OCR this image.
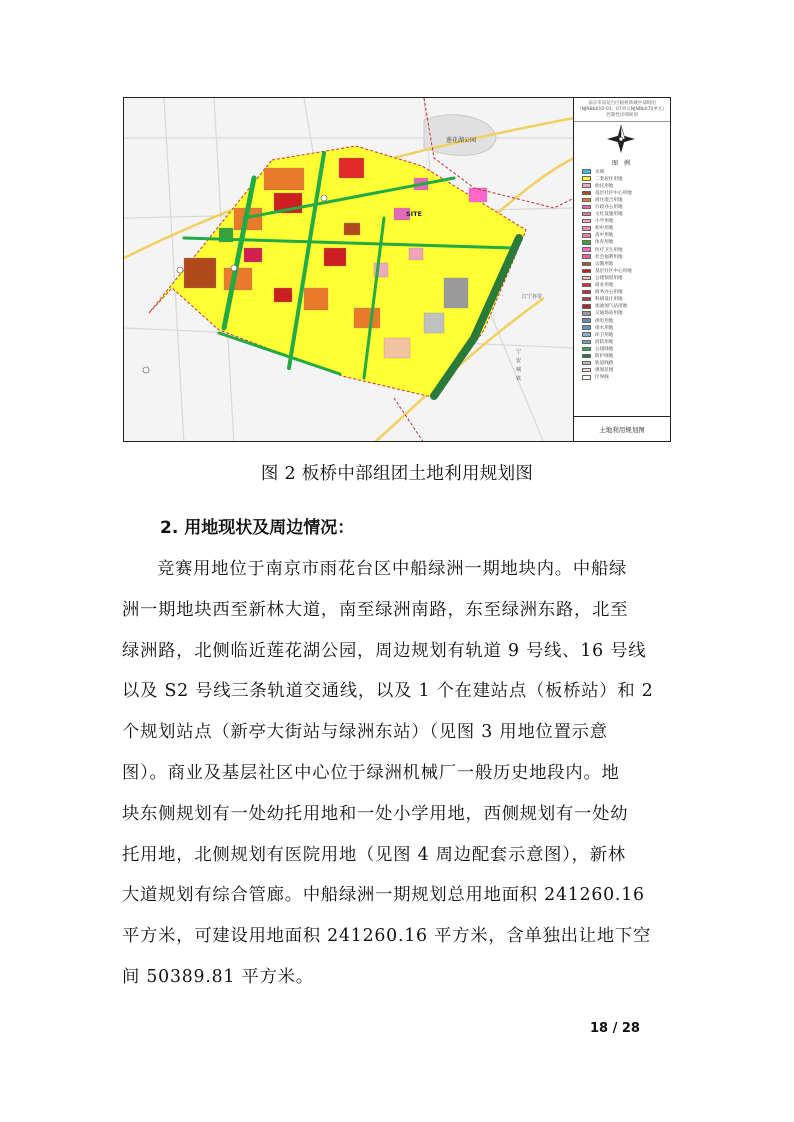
莲花湖公园
SITE
江宁谷里
宁安城铁
南京市雨花台区板桥新城中部组团（NJNBb010-01、07单元NJNBb070单元）控制性详细规划
图 例
水域
二类居住用地
幼托用地
基层社区中心用地
商住混合用地
行政办公用地
文化设施用地
小学用地
初中用地
高中用地
体育用地
医疗卫生用地
社会福利用地
宗教用地
基层社区中心用地
公建预留用地
商业用地
商务办公用地
科研设计用地
加油加气站用地
交通场站用地
供电用地
排水用地
环卫用地
消防用地
公园绿地
防护绿地
轨道线路
规划范围
区界线
土地利用规划图
图 2 板桥中部组团土地利用规划图
2. 用地现状及周边情况：
竞赛用地位于南京市雨花台区中船绿洲一期地块内。中船绿
洲一期地块西至新林大道，南至绿洲南路，东至绿洲东路，北至
绿洲路，北侧临近莲花湖公园，周边规划有轨道 9 号线、16 号线
以及 S2 号线三条轨道交通线，以及 1 个在建站点（板桥站）和 2
个规划站点（新亭大街站与绿洲东站）（见图 3 用地位置示意
图）。商业及基层社区中心位于绿洲机械厂一般历史地段内。地
块东侧规划有一处幼托用地和一处小学用地，西侧规划有一处幼
托用地，北侧规划有医院用地（见图 4 周边配套示意图），新林
大道规划有综合管廊。中船绿洲一期规划总用地面积 241260.16
平方米，可建设用地面积 241260.16 平方米，含单独出让地下空
间 50389.81 平方米。
18 / 28
